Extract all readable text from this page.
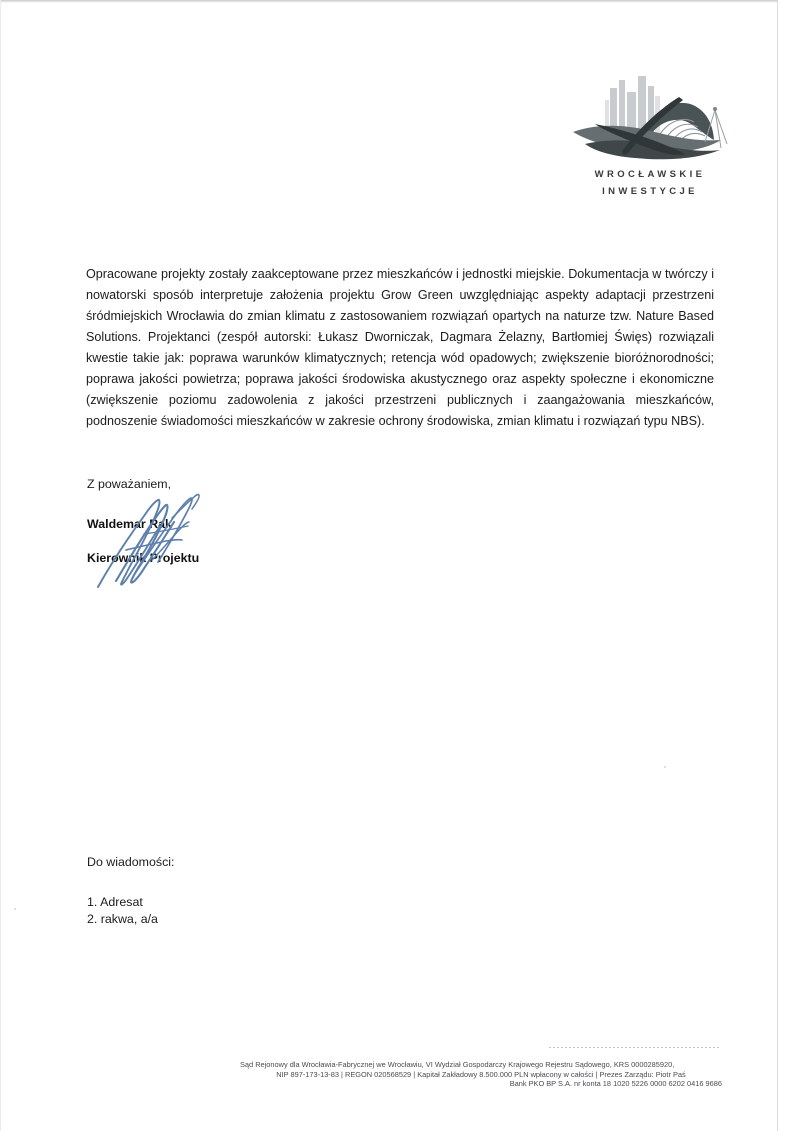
WROCŁAWSKIE
INWESTYCJE
Opracowane projekty zostały zaakceptowane przez mieszkańców i jednostki miejskie. Dokumentacja w twórczy i nowatorski sposób interpretuje założenia projektu Grow Green uwzględniając aspekty adaptacji przestrzeni śródmiejskich Wrocławia do zmian klimatu z zastosowaniem rozwiązań opartych na naturze tzw. Nature Based Solutions. Projektanci (zespół autorski: Łukasz Dworniczak, Dagmara Żelazny, Bartłomiej Święs) rozwiązali kwestie takie jak: poprawa warunków klimatycznych; retencja wód opadowych; zwiększenie bioróżnorodności; poprawa jakości powietrza; poprawa jakości środowiska akustycznego oraz aspekty społeczne i ekonomiczne (zwiększenie poziomu zadowolenia z jakości przestrzeni publicznych i zaangażowania mieszkańców, podnoszenie świadomości mieszkańców w zakresie ochrony środowiska, zmian klimatu i rozwiązań typu NBS).
Z poważaniem,
Waldemar Rak
Kierownik Projektu
Do wiadomości:
1. Adresat
2. rakwa, a/a
Sąd Rejonowy dla Wrocławia-Fabrycznej we Wrocławiu, VI Wydział Gospodarczy Krajowego Rejestru Sądowego, KRS 0000285920,
NIP 897-173-13-83 | REGON 020568529 | Kapitał Zakładowy 8.500.000 PLN wpłacony w całości | Prezes Zarządu: Piotr Paś
Bank PKO BP S.A. nr konta 18 1020 5226 0000 6202 0416 9686
